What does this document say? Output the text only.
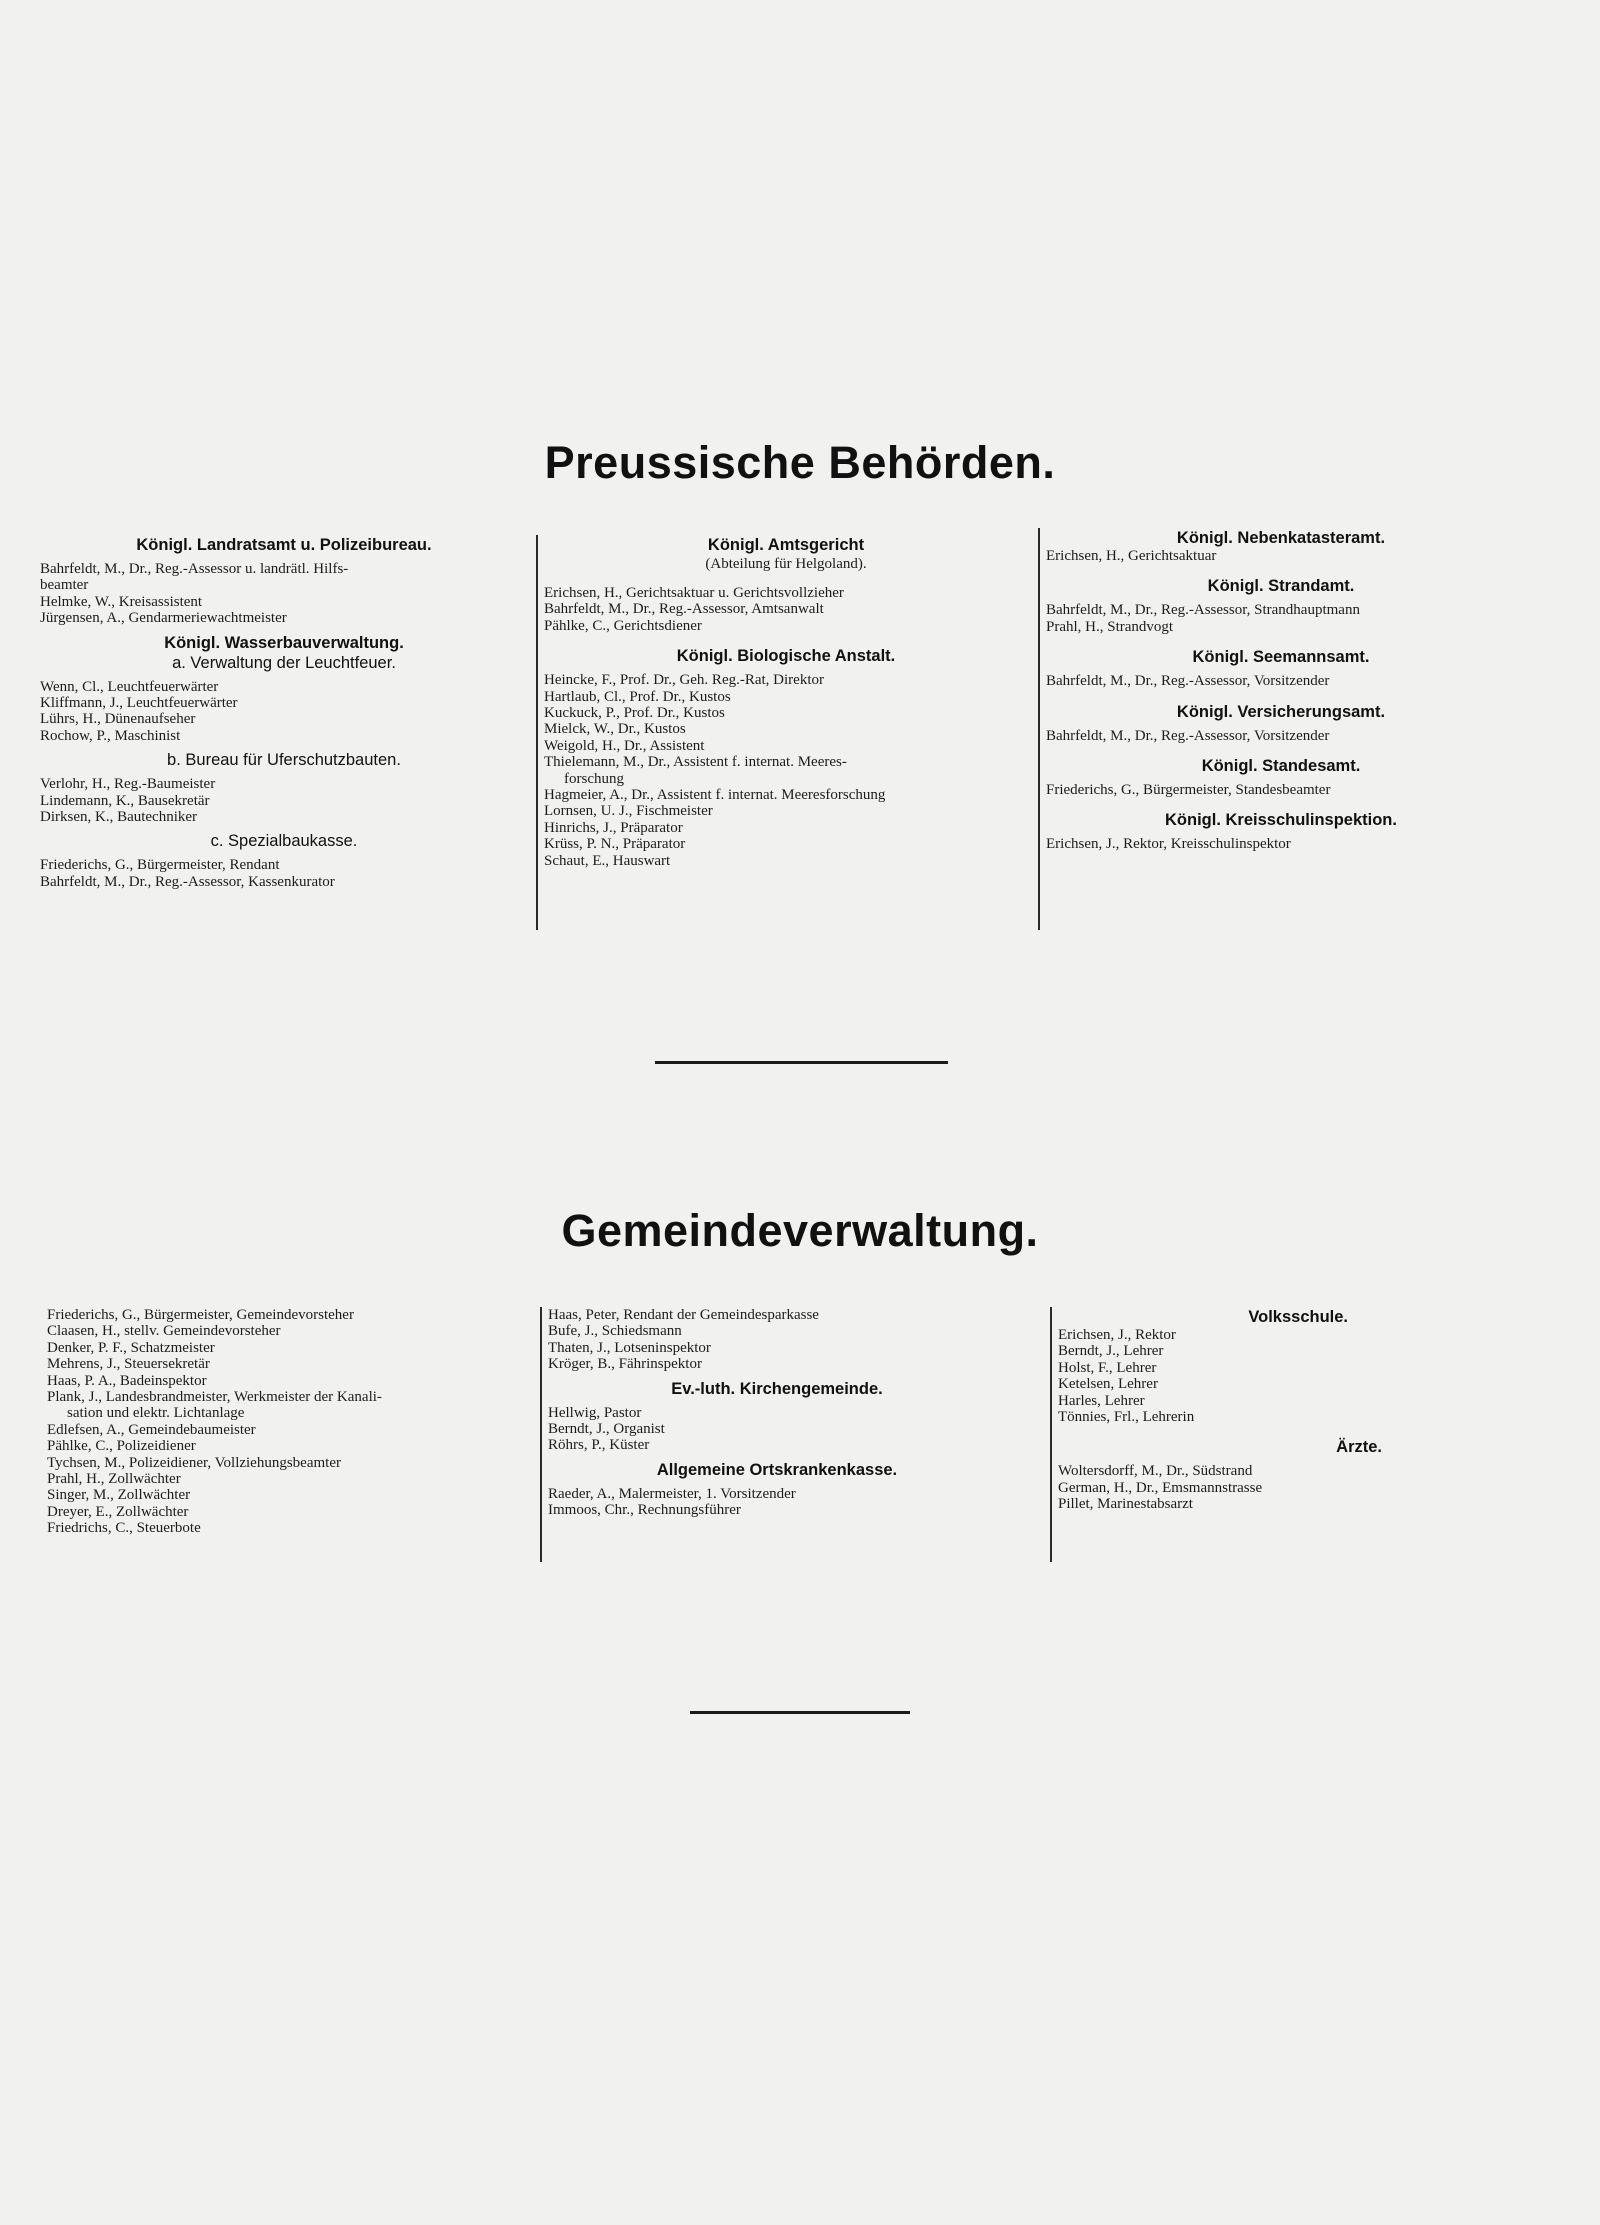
Preussische Behörden.
Königl. Landratsamt u. Polizeibureau.
Bahrfeldt, M., Dr., Reg.-Assessor u. landrätl. Hilfs-
beamter
Helmke, W., Kreisassistent
Jürgensen, A., Gendarmeriewachtmeister
Königl. Wasserbauverwaltung.
a. Verwaltung der Leuchtfeuer.
Wenn, Cl., Leuchtfeuerwärter
Kliffmann, J., Leuchtfeuerwärter
Lührs, H., Dünenaufseher
Rochow, P., Maschinist
b. Bureau für Uferschutzbauten.
Verlohr, H., Reg.-Baumeister
Lindemann, K., Bausekretär
Dirksen, K., Bautechniker
c. Spezialbaukasse.
Friederichs, G., Bürgermeister, Rendant
Bahrfeldt, M., Dr., Reg.-Assessor, Kassenkurator
Königl. Amtsgericht
(Abteilung für Helgoland).
Erichsen, H., Gerichtsaktuar u. Gerichtsvollzieher
Bahrfeldt, M., Dr., Reg.-Assessor, Amtsanwalt
Pählke, C., Gerichtsdiener
Königl. Biologische Anstalt.
Heincke, F., Prof. Dr., Geh. Reg.-Rat, Direktor
Hartlaub, Cl., Prof. Dr., Kustos
Kuckuck, P., Prof. Dr., Kustos
Mielck, W., Dr., Kustos
Weigold, H., Dr., Assistent
Thielemann, M., Dr., Assistent f. internat. Meeres-
forschung
Hagmeier, A., Dr., Assistent f. internat. Meeresforschung
Lornsen, U. J., Fischmeister
Hinrichs, J., Präparator
Krüss, P. N., Präparator
Schaut, E., Hauswart
Königl. Nebenkatasteramt.
Erichsen, H., Gerichtsaktuar
Königl. Strandamt.
Bahrfeldt, M., Dr., Reg.-Assessor, Strandhauptmann
Prahl, H., Strandvogt
Königl. Seemannsamt.
Bahrfeldt, M., Dr., Reg.-Assessor, Vorsitzender
Königl. Versicherungsamt.
Bahrfeldt, M., Dr., Reg.-Assessor, Vorsitzender
Königl. Standesamt.
Friederichs, G., Bürgermeister, Standesbeamter
Königl. Kreisschulinspektion.
Erichsen, J., Rektor, Kreisschulinspektor
Gemeindeverwaltung.
Friederichs, G., Bürgermeister, Gemeindevorsteher
Claasen, H., stellv. Gemeindevorsteher
Denker, P. F., Schatzmeister
Mehrens, J., Steuersekretär
Haas, P. A., Badeinspektor
Plank, J., Landesbrandmeister, Werkmeister der Kanali-
sation und elektr. Lichtanlage
Edlefsen, A., Gemeindebaumeister
Pählke, C., Polizeidiener
Tychsen, M., Polizeidiener, Vollziehungsbeamter
Prahl, H., Zollwächter
Singer, M., Zollwächter
Dreyer, E., Zollwächter
Friedrichs, C., Steuerbote
Haas, Peter, Rendant der Gemeindesparkasse
Bufe, J., Schiedsmann
Thaten, J., Lotseninspektor
Kröger, B., Fährinspektor
Ev.-luth. Kirchengemeinde.
Hellwig, Pastor
Berndt, J., Organist
Röhrs, P., Küster
Allgemeine Ortskrankenkasse.
Raeder, A., Malermeister, 1. Vorsitzender
Immoos, Chr., Rechnungsführer
Volksschule.
Erichsen, J., Rektor
Berndt, J., Lehrer
Holst, F., Lehrer
Ketelsen, Lehrer
Harles, Lehrer
Tönnies, Frl., Lehrerin
Ärzte.
Woltersdorff, M., Dr., Südstrand
German, H., Dr., Emsmannstrasse
Pillet, Marinestabsarzt
